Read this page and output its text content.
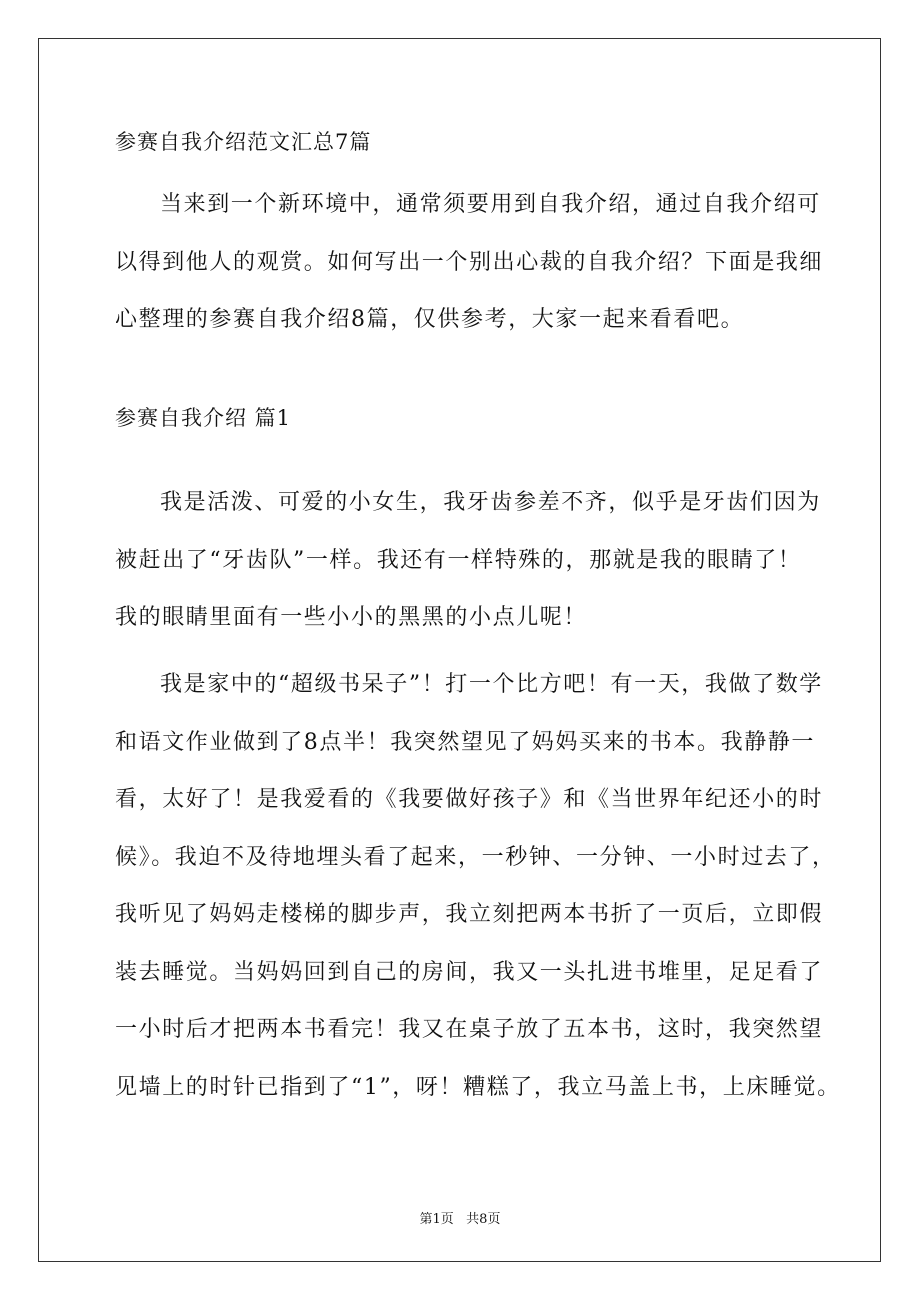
参赛自我介绍范文汇总7篇
当来到一个新环境中，通常须要用到自我介绍，通过自我介绍可
以得到他人的观赏。如何写出一个别出心裁的自我介绍？下面是我细
心整理的参赛自我介绍8篇，仅供参考，大家一起来看看吧。
参赛自我介绍 篇1
我是活泼、可爱的小女生，我牙齿参差不齐，似乎是牙齿们因为
被赶出了“牙齿队”一样。我还有一样特殊的，那就是我的眼睛了！
我的眼睛里面有一些小小的黑黑的小点儿呢！
我是家中的“超级书呆子”！打一个比方吧！有一天，我做了数学
和语文作业做到了8点半！我突然望见了妈妈买来的书本。我静静一
看，太好了！是我爱看的《我要做好孩子》和《当世界年纪还小的时
候》。我迫不及待地埋头看了起来，一秒钟、一分钟、一小时过去了，
我听见了妈妈走楼梯的脚步声，我立刻把两本书折了一页后，立即假
装去睡觉。当妈妈回到自己的房间，我又一头扎进书堆里，足足看了
一小时后才把两本书看完！我又在桌子放了五本书，这时，我突然望
见墙上的时针已指到了“1”，呀！糟糕了，我立马盖上书，上床睡觉。
第1页   共8页
